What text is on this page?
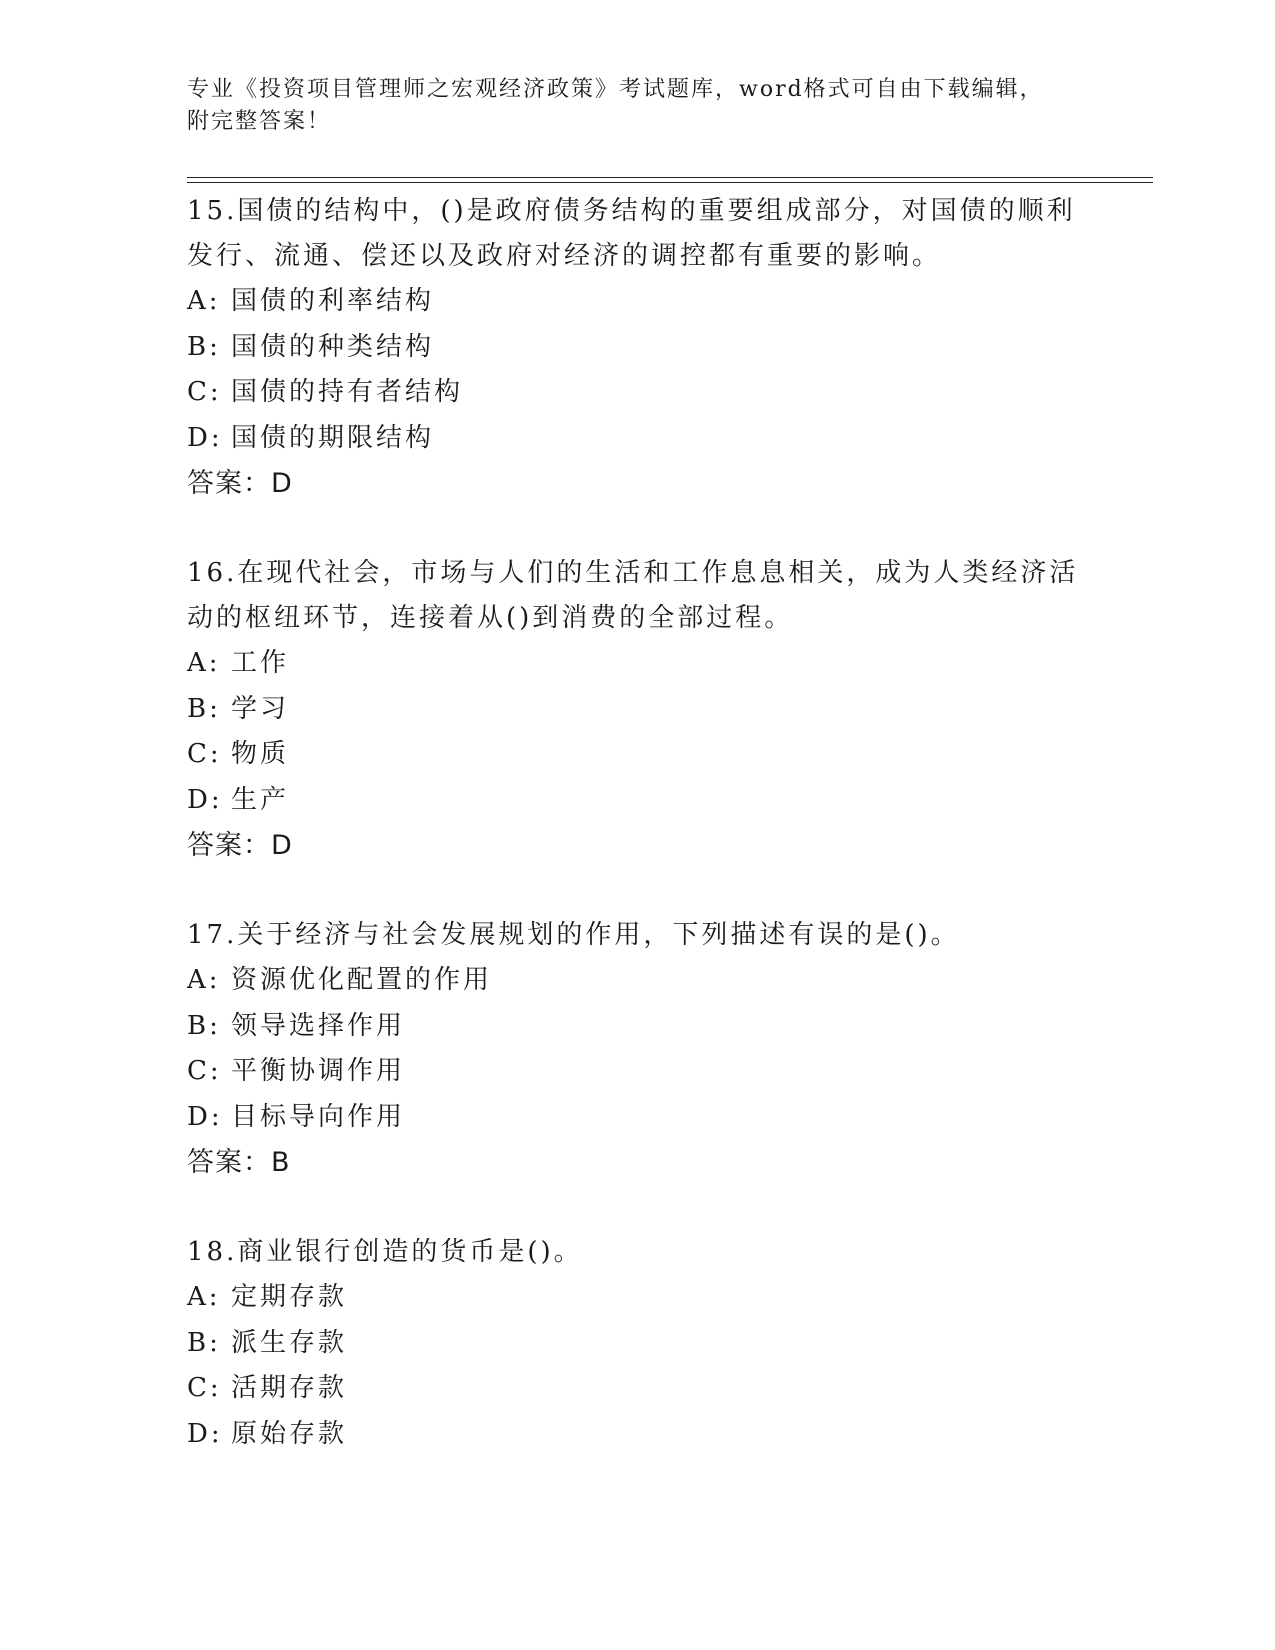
专业《投资项目管理师之宏观经济政策》考试题库，word格式可自由下载编辑，
附完整答案！
15.国债的结构中，()是政府债务结构的重要组成部分，对国债的顺利
发行、流通、偿还以及政府对经济的调控都有重要的影响。
A: 国债的利率结构
B: 国债的种类结构
C: 国债的持有者结构
D: 国债的期限结构
答案：D
16.在现代社会，市场与人们的生活和工作息息相关，成为人类经济活
动的枢纽环节，连接着从()到消费的全部过程。
A: 工作
B: 学习
C: 物质
D: 生产
答案：D
17.关于经济与社会发展规划的作用，下列描述有误的是()。
A: 资源优化配置的作用
B: 领导选择作用
C: 平衡协调作用
D: 目标导向作用
答案：B
18.商业银行创造的货币是()。
A: 定期存款
B: 派生存款
C: 活期存款
D: 原始存款
